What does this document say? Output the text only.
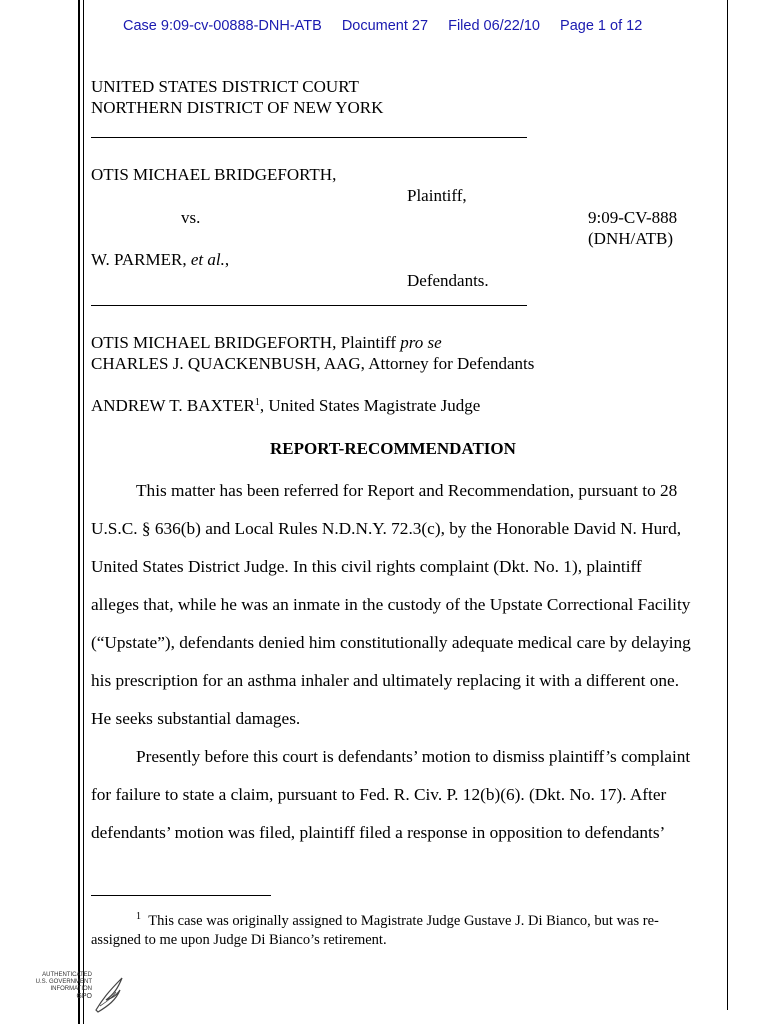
Case 9:09-cv-00888-DNH-ATB Document 27 Filed 06/22/10 Page 1 of 12
UNITED STATES DISTRICT COURT
NORTHERN DISTRICT OF NEW YORK
OTIS MICHAEL BRIDGEFORTH,
Plaintiff,
vs.	9:09-CV-888
(DNH/ATB)
W. PARMER, et al.,
Defendants.
OTIS MICHAEL BRIDGEFORTH, Plaintiff pro se
CHARLES J. QUACKENBUSH, AAG, Attorney for Defendants
ANDREW T. BAXTER$^1$, United States Magistrate Judge
REPORT-RECOMMENDATION
This matter has been referred for Report and Recommendation, pursuant to 28
U.S.C. § 636(b) and Local Rules N.D.N.Y. 72.3(c), by the Honorable David N. Hurd,
United States District Judge. In this civil rights complaint (Dkt. No. 1), plaintiff
alleges that, while he was an inmate in the custody of the Upstate Correctional Facility
(“Upstate”), defendants denied him constitutionally adequate medical care by delaying
his prescription for an asthma inhaler and ultimately replacing it with a different one.
He seeks substantial damages.
Presently before this court is defendants’ motion to dismiss plaintiff’s complaint
for failure to state a claim, pursuant to Fed. R. Civ. P. 12(b)(6). (Dkt. No. 17). After
defendants’ motion was filed, plaintiff filed a response in opposition to defendants’
$^1$ This case was originally assigned to Magistrate Judge Gustave J. Di Bianco, but was re-
assigned to me upon Judge Di Bianco’s retirement.
AUTHENTICATED
U.S. GOVERNMENT
INFORMATION
GPO
